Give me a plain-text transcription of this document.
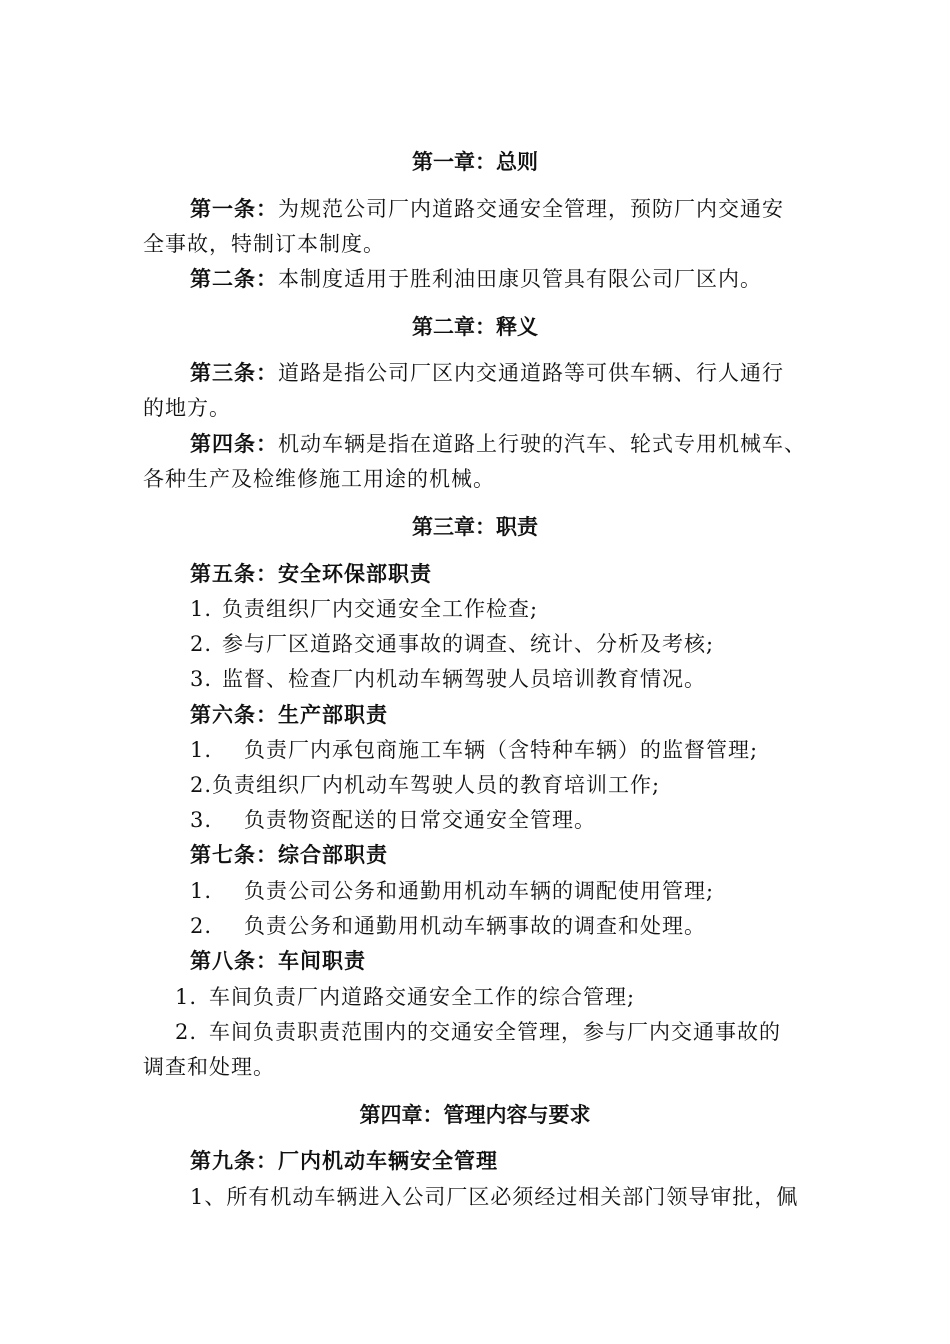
第一章：总则
第一条：为规范公司厂内道路交通安全管理，预防厂内交通安
全事故，特制订本制度。
第二条：本制度适用于胜利油田康贝管具有限公司厂区内。
第二章：释义
第三条：道路是指公司厂区内交通道路等可供车辆、行人通行
的地方。
第四条：机动车辆是指在道路上行驶的汽车、轮式专用机械车、
各种生产及检维修施工用途的机械。
第三章：职责
第五条：安全环保部职责
1. 负责组织厂内交通安全工作检查;
2. 参与厂区道路交通事故的调查、统计、分析及考核;
3. 监督、检查厂内机动车辆驾驶人员培训教育情况。
第六条：生产部职责
1. 负责厂内承包商施工车辆（含特种车辆）的监督管理;
2.负责组织厂内机动车驾驶人员的教育培训工作;
3. 负责物资配送的日常交通安全管理。
第七条：综合部职责
1. 负责公司公务和通勤用机动车辆的调配使用管理;
2. 负责公务和通勤用机动车辆事故的调查和处理。
第八条：车间职责
1. 车间负责厂内道路交通安全工作的综合管理;
2. 车间负责职责范围内的交通安全管理，参与厂内交通事故的
调查和处理。
第四章：管理内容与要求
第九条：厂内机动车辆安全管理
1、所有机动车辆进入公司厂区必须经过相关部门领导审批，佩
